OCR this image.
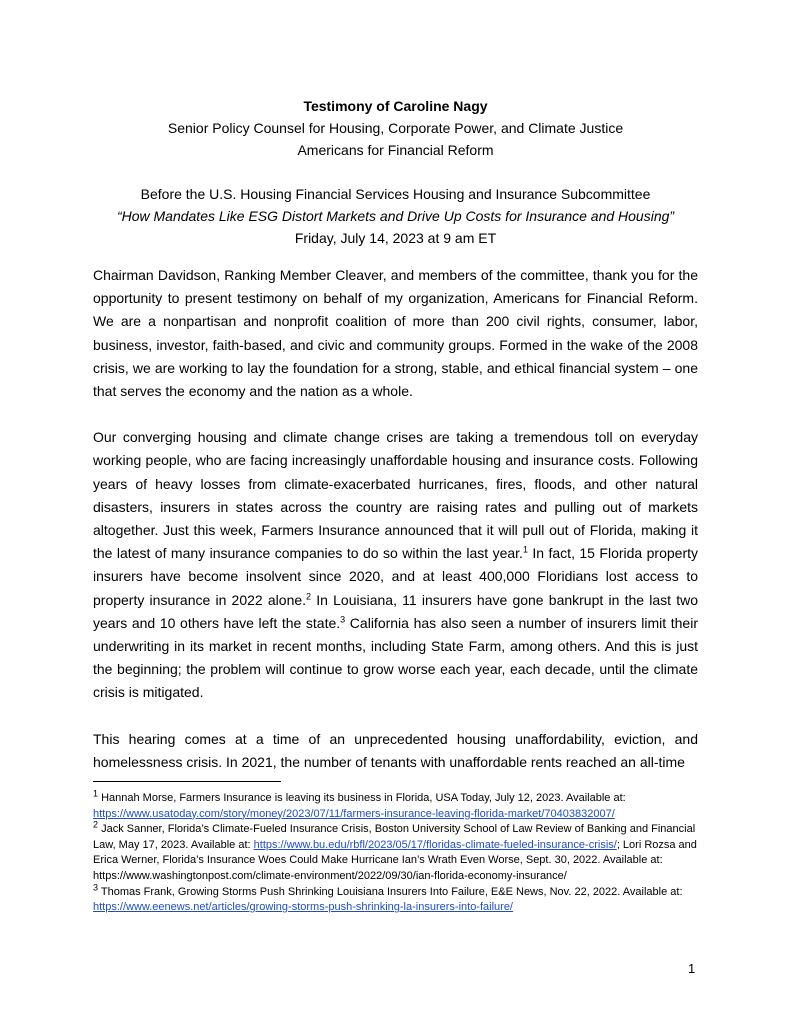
Testimony of Caroline Nagy
Senior Policy Counsel for Housing, Corporate Power, and Climate Justice
Americans for Financial Reform
Before the U.S. Housing Financial Services Housing and Insurance Subcommittee
“How Mandates Like ESG Distort Markets and Drive Up Costs for Insurance and Housing”
Friday, July 14, 2023 at 9 am ET

Chairman Davidson, Ranking Member Cleaver, and members of the committee, thank you for the opportunity to present testimony on behalf of my organization, Americans for Financial Reform. We are a nonpartisan and nonprofit coalition of more than 200 civil rights, consumer, labor, business, investor, faith-based, and civic and community groups. Formed in the wake of the 2008 crisis, we are working to lay the foundation for a strong, stable, and ethical financial system – one that serves the economy and the nation as a whole.

Our converging housing and climate change crises are taking a tremendous toll on everyday working people, who are facing increasingly unaffordable housing and insurance costs. Following years of heavy losses from climate-exacerbated hurricanes, fires, floods, and other natural disasters, insurers in states across the country are raising rates and pulling out of markets altogether. Just this week, Farmers Insurance announced that it will pull out of Florida, making it the latest of many insurance companies to do so within the last year.$^1$ In fact, 15 Florida property insurers have become insolvent since 2020, and at least 400,000 Floridians lost access to property insurance in 2022 alone.$^2$ In Louisiana, 11 insurers have gone bankrupt in the last two years and 10 others have left the state.$^3$ California has also seen a number of insurers limit their underwriting in its market in recent months, including State Farm, among others. And this is just the beginning; the problem will continue to grow worse each year, each decade, until the climate crisis is mitigated.

This hearing comes at a time of an unprecedented housing unaffordability, eviction, and homelessness crisis. In 2021, the number of tenants with unaffordable rents reached an all-time

$^1$ Hannah Morse, Farmers Insurance is leaving its business in Florida, USA Today, July 12, 2023. Available at: https://www.usatoday.com/story/money/2023/07/11/farmers-insurance-leaving-florida-market/70403832007/

$^2$ Jack Sanner, Florida’s Climate-Fueled Insurance Crisis, Boston University School of Law Review of Banking and Financial Law, May 17, 2023. Available at: https://www.bu.edu/rbfl/2023/05/17/floridas-climate-fueled-insurance-crisis/; Lori Rozsa and Erica Werner, Florida’s Insurance Woes Could Make Hurricane Ian’s Wrath Even Worse, Sept. 30, 2022. Available at: https://www.washingtonpost.com/climate-environment/2022/09/30/ian-florida-economy-insurance/

$^3$ Thomas Frank, Growing Storms Push Shrinking Louisiana Insurers Into Failure, E&E News, Nov. 22, 2022. Available at: https://www.eenews.net/articles/growing-storms-push-shrinking-la-insurers-into-failure/

1
